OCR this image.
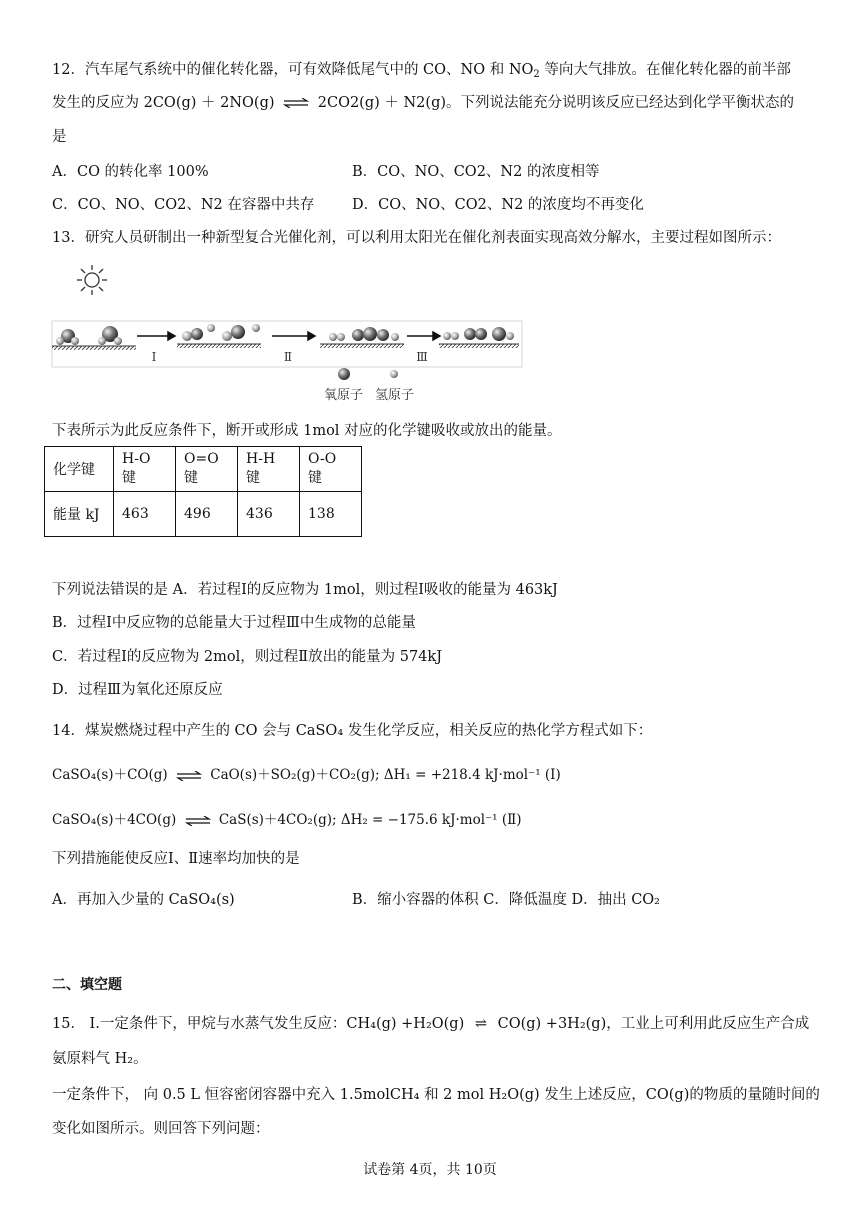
12．汽车尾气系统中的催化转化器，可有效降低尾气中的 CO、NO 和 $NO_2$ 等向大气排放。在催化转化器的前半部
发生的反应为 2CO(g) ＋ 2NO(g) ⇌ 2CO2(g) ＋ N2(g)。下列说法能充分说明该反应已经达到化学平衡状态的
是
A．CO 的转化率 100%	B．CO、NO、CO2、N2 的浓度相等
C．CO、NO、CO2、N2 在容器中共存	D．CO、NO、CO2、N2 的浓度均不再变化
13．研究人员研制出一种新型复合光催化剂，可以利用太阳光在催化剂表面实现高效分解水，主要过程如图所示：
Ⅰ	Ⅱ	Ⅲ
氧原子 氢原子
下表所示为此反应条件下，断开或形成 1mol 对应的化学键吸收或放出的能量。
化学键	H-O 键	O=O 键	H-H 键	O-O 键
能量 kJ	463	496	436	138
下列说法错误的是 A．若过程Ⅰ的反应物为 1mol，则过程Ⅰ吸收的能量为 463kJ
B．过程Ⅰ中反应物的总能量大于过程Ⅲ中生成物的总能量
C．若过程Ⅰ的反应物为 2mol，则过程Ⅱ放出的能量为 574kJ
D．过程Ⅲ为氧化还原反应
14．煤炭燃烧过程中产生的 CO 会与 CaSO₄ 发生化学反应，相关反应的热化学方程式如下：
CaSO₄(s)＋CO(g) ⇌ CaO(s)＋SO₂(g)＋CO₂(g); ΔH₁ = +218.4 kJ·mol⁻¹ (Ⅰ)
CaSO₄(s)＋4CO(g) ⇌ CaS(s)＋4CO₂(g); ΔH₂ = −175.6 kJ·mol⁻¹ (Ⅱ)
下列措施能使反应Ⅰ、Ⅱ速率均加快的是
A．再加入少量的 CaSO₄(s)	B．缩小容器的体积 C．降低温度 D．抽出 CO₂
二、填空题
15． Ⅰ.一定条件下，甲烷与水蒸气发生反应：CH₄(g) +H₂O(g) ⇌ CO(g) +3H₂(g)，工业上可利用此反应生产合成
氨原料气 H₂。
一定条件下， 向 0.5 L 恒容密闭容器中充入 1.5molCH₄ 和 2 mol H₂O(g) 发生上述反应，CO(g)的物质的量随时间的
变化如图所示。则回答下列问题：
试卷第 4页，共 10页
